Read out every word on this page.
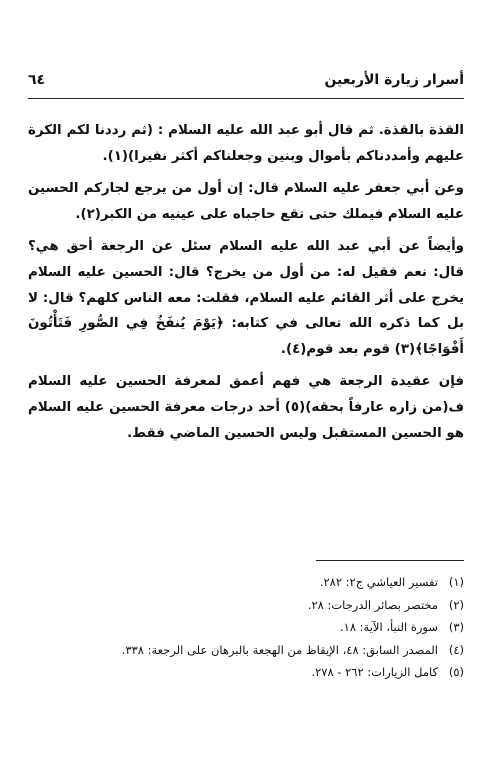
أسرار زيارة الأربعين
٦٤

القذة بالقذة. ثم قال أبو عبد الله عليه السلام : (ثم رددنا لكم الكرة عليهم وأمددناكم بأموال وبنين وجعلناكم أكثر نفيرا)(١).

وعن أبي جعفر عليه السلام قال: إن أول من يرجع لجاركم الحسين عليه السلام فيملك حتى تقع حاجباه على عينيه من الكبر(٢).

وأيضاً عن أبي عبد الله عليه السلام سئل عن الرجعة أحق هي؟ قال: نعم فقيل له: من أول من يخرج؟ قال: الحسين عليه السلام يخرج على أثر القائم عليه السلام، فقلت: معه الناس كلهم؟ قال: لا بل كما ذكره الله تعالى في كتابه: ﴿يَوْمَ يُنفَخُ فِي الصُّورِ فَتَأْتُونَ أَفْوَاجًا﴾(٣) قوم بعد قوم(٤).

فإن عقيدة الرجعة هي فهم أعمق لمعرفة الحسين عليه السلام ف(من زاره عارفاً بحقه)(٥) أحد درجات معرفة الحسين عليه السلام هو الحسين المستقبل وليس الحسين الماضي فقط.

(١)تفسير العياشي ج٢: ٢٨٢.
(٢)مختصر بصائر الدرجات: ٢٨.
(٣)سورة النبأ، الآية: ١٨.
(٤)المصدر السابق: ٤٨، الإيقاظ من الهجعة بالبرهان على الرجعة: ٣٣٨.
(٥)كامل الزيارات: ٢٦٢ - ٢٧٨.
